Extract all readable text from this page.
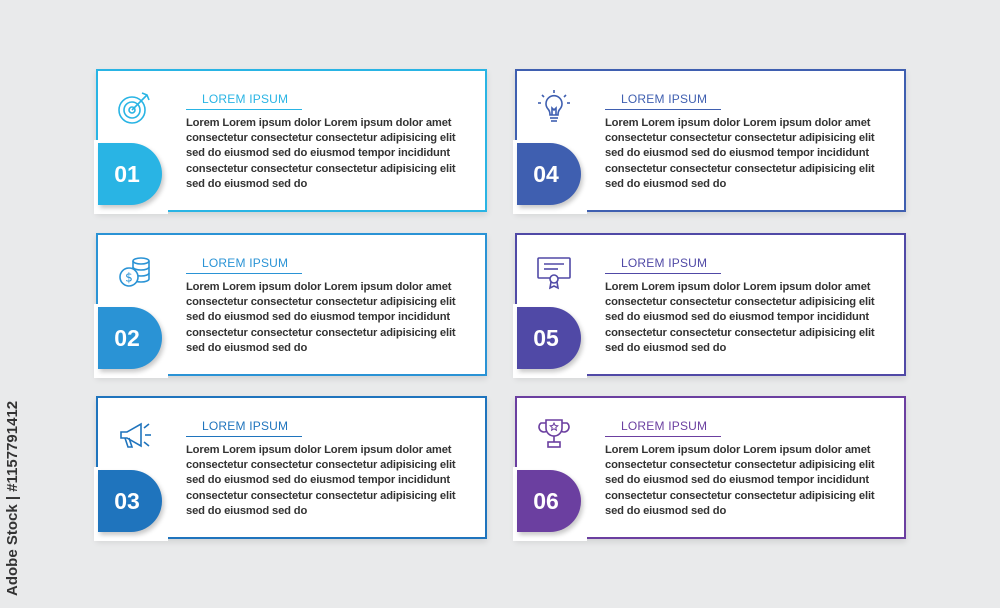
LOREM IPSUM
Lorem Lorem ipsum dolor Lorem ipsum dolor amet consectetur consectetur consectetur adipisicing elit sed do eiusmod sed do eiusmod tempor incididunt consectetur consectetur consectetur adipisicing elit sed do eiusmod sed do
01
$
LOREM IPSUM
Lorem Lorem ipsum dolor Lorem ipsum dolor amet consectetur consectetur consectetur adipisicing elit sed do eiusmod sed do eiusmod tempor incididunt consectetur consectetur consectetur adipisicing elit sed do eiusmod sed do
02
LOREM IPSUM
Lorem Lorem ipsum dolor Lorem ipsum dolor amet consectetur consectetur consectetur adipisicing elit sed do eiusmod sed do eiusmod tempor incididunt consectetur consectetur consectetur adipisicing elit sed do eiusmod sed do
03
LOREM IPSUM
Lorem Lorem ipsum dolor Lorem ipsum dolor amet consectetur consectetur consectetur adipisicing elit sed do eiusmod sed do eiusmod tempor incididunt consectetur consectetur consectetur adipisicing elit sed do eiusmod sed do
04
LOREM IPSUM
Lorem Lorem ipsum dolor Lorem ipsum dolor amet consectetur consectetur consectetur adipisicing elit sed do eiusmod sed do eiusmod tempor incididunt consectetur consectetur consectetur adipisicing elit sed do eiusmod sed do
05
LOREM IPSUM
Lorem Lorem ipsum dolor Lorem ipsum dolor amet consectetur consectetur consectetur adipisicing elit sed do eiusmod sed do eiusmod tempor incididunt consectetur consectetur consectetur adipisicing elit sed do eiusmod sed do
06
Adobe Stock | #1157791412
